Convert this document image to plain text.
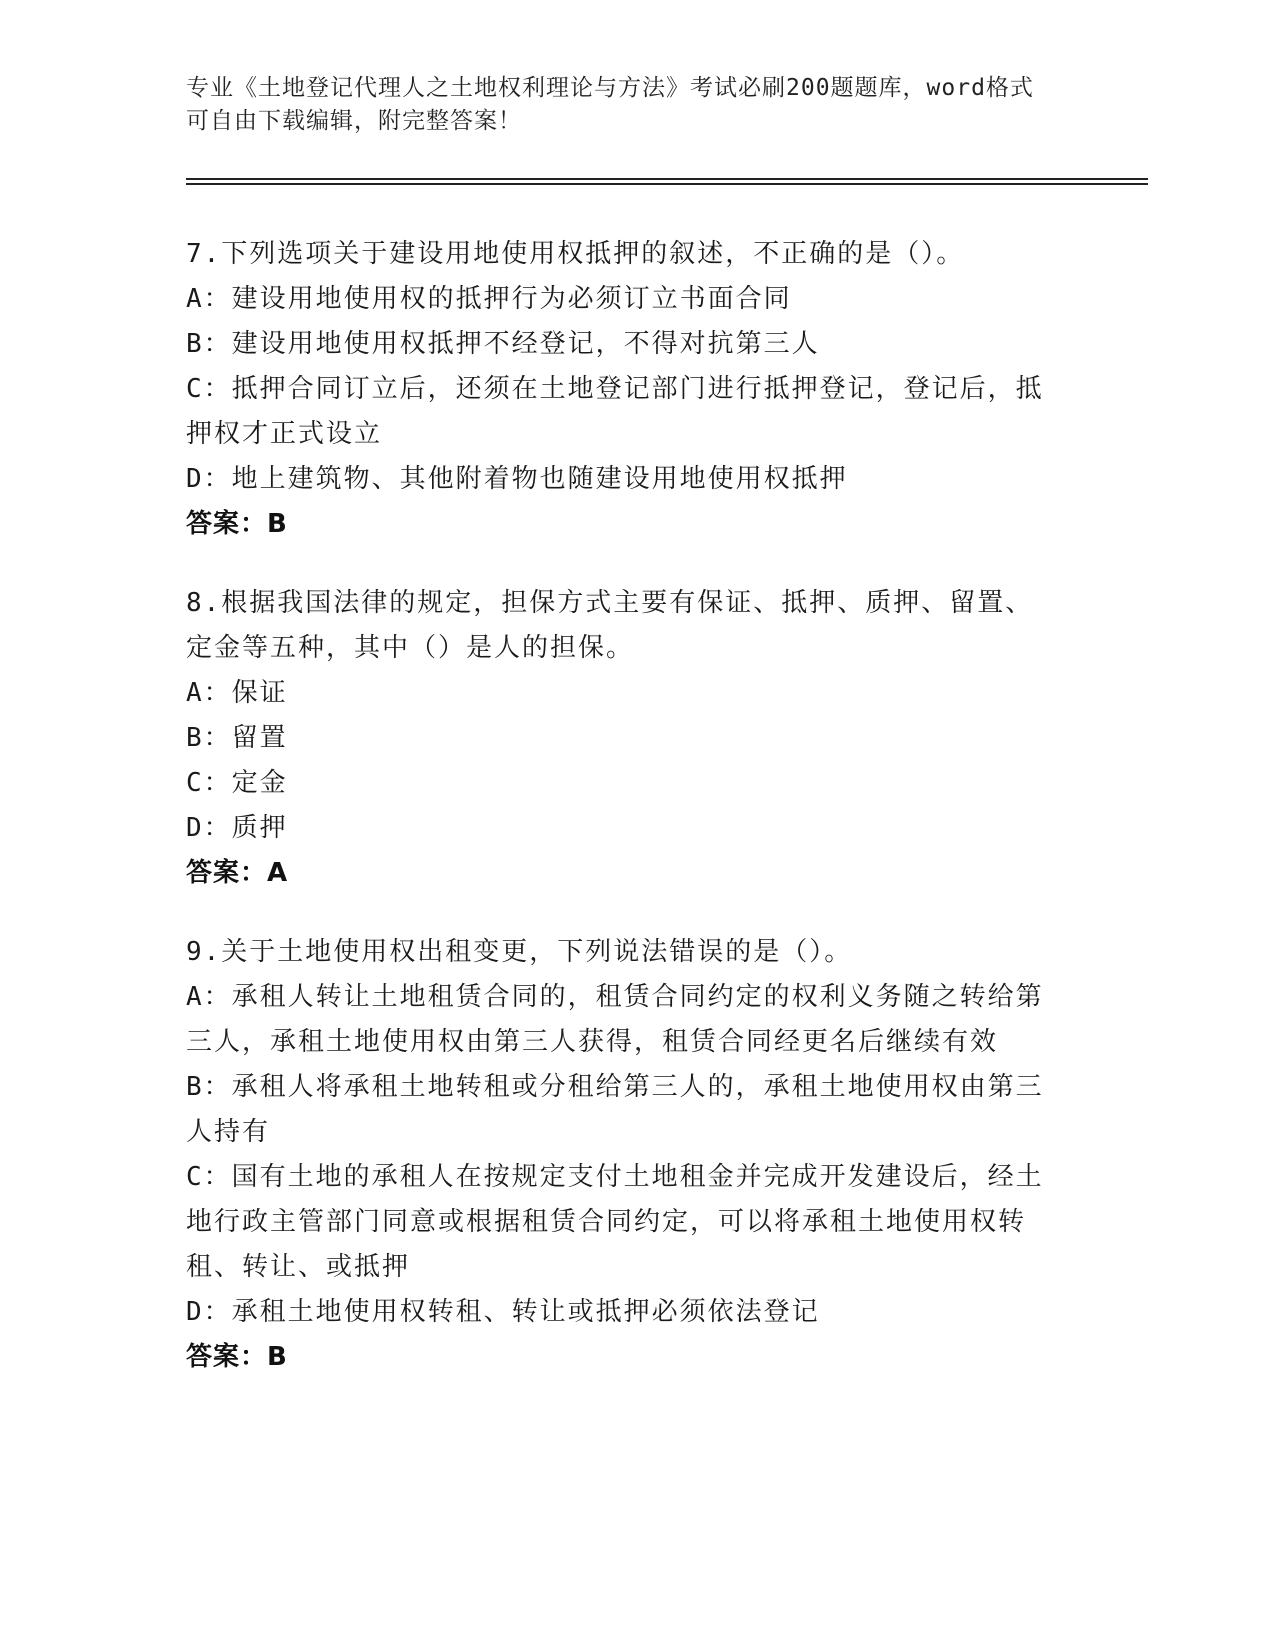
专业《土地登记代理人之土地权利理论与方法》考试必刷200题题库，word格式
可自由下载编辑，附完整答案！
7.下列选项关于建设用地使用权抵押的叙述，不正确的是（）。
A：建设用地使用权的抵押行为必须订立书面合同
B：建设用地使用权抵押不经登记，不得对抗第三人
C：抵押合同订立后，还须在土地登记部门进行抵押登记，登记后，抵
押权才正式设立
D：地上建筑物、其他附着物也随建设用地使用权抵押
答案：B
8.根据我国法律的规定，担保方式主要有保证、抵押、质押、留置、
定金等五种，其中（）是人的担保。
A：保证
B：留置
C：定金
D：质押
答案：A
9.关于土地使用权出租变更，下列说法错误的是（）。
A：承租人转让土地租赁合同的，租赁合同约定的权利义务随之转给第
三人，承租土地使用权由第三人获得，租赁合同经更名后继续有效
B：承租人将承租土地转租或分租给第三人的，承租土地使用权由第三
人持有
C：国有土地的承租人在按规定支付土地租金并完成开发建设后，经土
地行政主管部门同意或根据租赁合同约定，可以将承租土地使用权转
租、转让、或抵押
D：承租土地使用权转租、转让或抵押必须依法登记
答案：B
